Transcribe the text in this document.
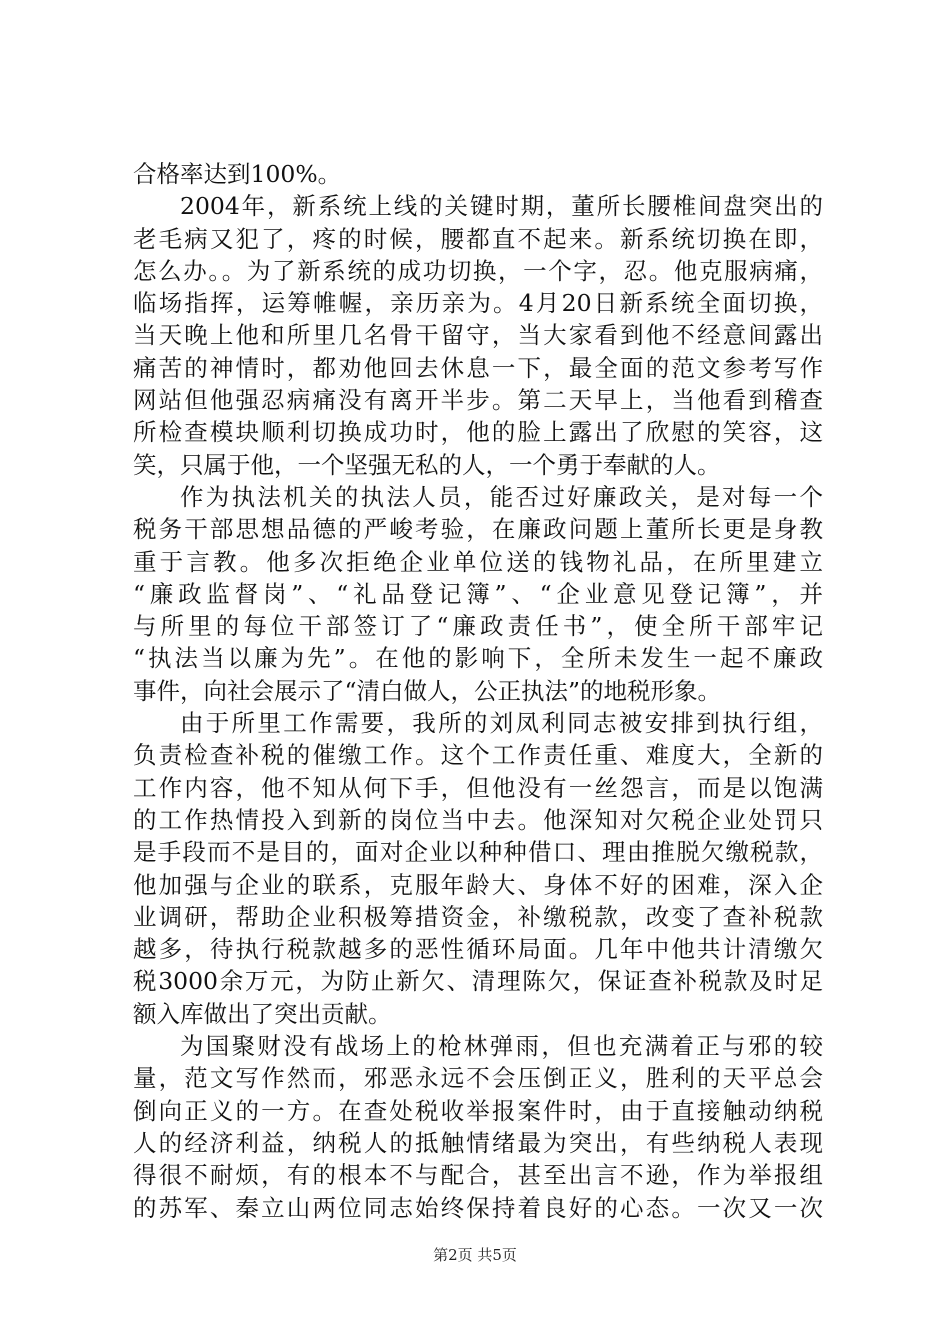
合格率达到100%。
2004年，新系统上线的关键时期，董所长腰椎间盘突出的
老毛病又犯了，疼的时候，腰都直不起来。新系统切换在即，
怎么办。。为了新系统的成功切换，一个字，忍。他克服病痛，
临场指挥，运筹帷幄，亲历亲为。4月20日新系统全面切换，
当天晚上他和所里几名骨干留守，当大家看到他不经意间露出
痛苦的神情时，都劝他回去休息一下，最全面的范文参考写作
网站但他强忍病痛没有离开半步。第二天早上，当他看到稽查
所检查模块顺利切换成功时，他的脸上露出了欣慰的笑容，这
笑，只属于他，一个坚强无私的人，一个勇于奉献的人。
作为执法机关的执法人员，能否过好廉政关，是对每一个
税务干部思想品德的严峻考验，在廉政问题上董所长更是身教
重于言教。他多次拒绝企业单位送的钱物礼品，在所里建立
“廉政监督岗”、“礼品登记簿”、“企业意见登记簿”，并
与所里的每位干部签订了“廉政责任书”，使全所干部牢记
“执法当以廉为先”。在他的影响下，全所未发生一起不廉政
事件，向社会展示了“清白做人，公正执法”的地税形象。
由于所里工作需要，我所的刘凤利同志被安排到执行组，
负责检查补税的催缴工作。这个工作责任重、难度大，全新的
工作内容，他不知从何下手，但他没有一丝怨言，而是以饱满
的工作热情投入到新的岗位当中去。他深知对欠税企业处罚只
是手段而不是目的，面对企业以种种借口、理由推脱欠缴税款，
他加强与企业的联系，克服年龄大、身体不好的困难，深入企
业调研，帮助企业积极筹措资金，补缴税款，改变了查补税款
越多，待执行税款越多的恶性循环局面。几年中他共计清缴欠
税3000余万元，为防止新欠、清理陈欠，保证查补税款及时足
额入库做出了突出贡献。
为国聚财没有战场上的枪林弹雨，但也充满着正与邪的较
量，范文写作然而，邪恶永远不会压倒正义，胜利的天平总会
倒向正义的一方。在查处税收举报案件时，由于直接触动纳税
人的经济利益，纳税人的抵触情绪最为突出，有些纳税人表现
得很不耐烦，有的根本不与配合，甚至出言不逊，作为举报组
的苏军、秦立山两位同志始终保持着良好的心态。一次又一次
第2页 共5页
